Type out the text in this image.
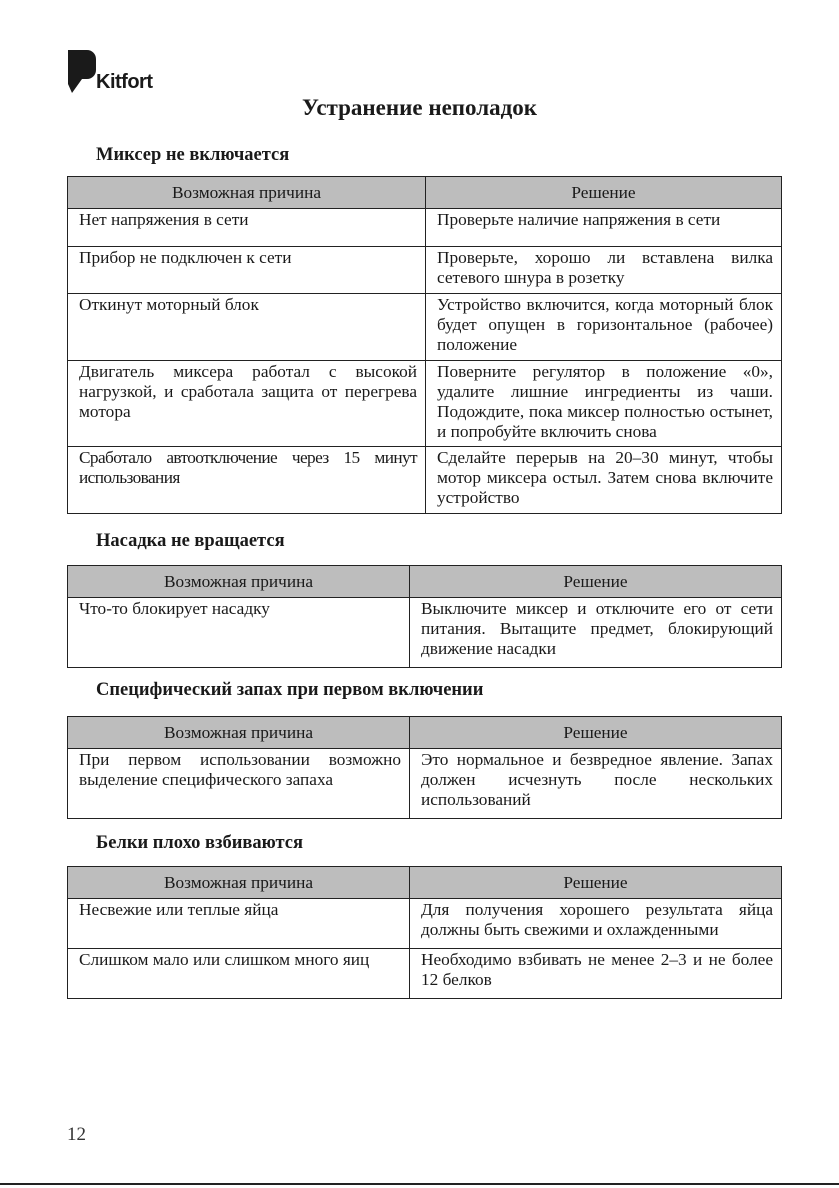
Kitfort
Устранение неполадок
Миксер не включается
Возможная причина	Решение
Нет напряжения в сети	Проверьте наличие напряжения в сети
Прибор не подключен к сети	Проверьте, хорошо ли вставлена вилка сетевого шнура в розетку
Откинут моторный блок	Устройство включится, когда моторный блок будет опущен в горизонтальное (рабочее) положение
Двигатель миксера работал с высокой нагрузкой, и сработала защита от перегрева мотора	Поверните регулятор в положение «0», удалите лишние ингредиенты из чаши. Подождите, пока миксер полностью остынет, и попробуйте включить снова
Сработало автоотключение через 15 минут использования	Сделайте перерыв на 20–30 минут, чтобы мотор миксера остыл. Затем снова включите устройство
Насадка не вращается
Возможная причина	Решение
Что-то блокирует насадку	Выключите миксер и отключите его от сети питания. Вытащите предмет, блокирующий движение насадки
Специфический запах при первом включении
Возможная причина	Решение
При первом использовании возможно выделение специфического запаха	Это нормальное и безвредное явление. Запах должен исчезнуть после нескольких использований
Белки плохо взбиваются
Возможная причина	Решение
Несвежие или теплые яйца	Для получения хорошего результата яйца должны быть свежими и охлажденными
Слишком мало или слишком много яиц	Необходимо взбивать не менее 2–3 и не более 12 белков
12
